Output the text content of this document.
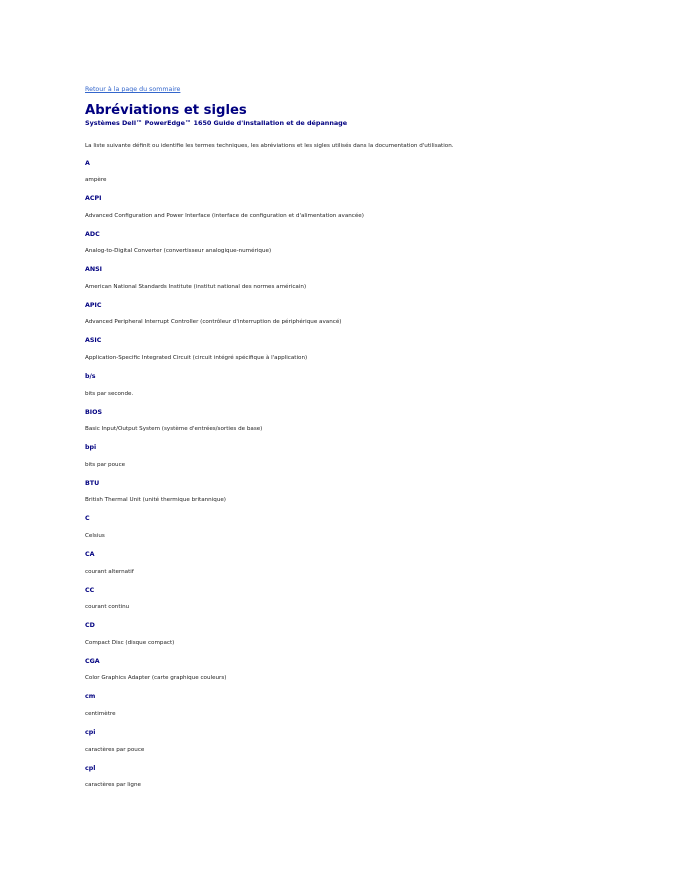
Retour à la page du sommaire
Abréviations et sigles
Systèmes Dell™ PowerEdge™ 1650 Guide d'installation et de dépannage

La liste suivante définit ou identifie les termes techniques, les abréviations et les sigles utilisés dans la documentation d'utilisation.

A
ampère
ACPI
Advanced Configuration and Power Interface (interface de configuration et d'alimentation avancée)
ADC
Analog-to-Digital Converter (convertisseur analogique-numérique)
ANSI
American National Standards Institute (institut national des normes américain)
APIC
Advanced Peripheral Interrupt Controller (contrôleur d'interruption de périphérique avancé)
ASIC
Application-Specific Integrated Circuit (circuit intégré spécifique à l'application)
b/s
bits par seconde.
BIOS
Basic Input/Output System (système d'entrées/sorties de base)
bpi
bits par pouce
BTU
British Thermal Unit (unité thermique britannique)
C
Celsius
CA
courant alternatif
CC
courant continu
CD
Compact Disc (disque compact)
CGA
Color Graphics Adapter (carte graphique couleurs)
cm
centimètre
cpi
caractères par pouce
cpl
caractères par ligne
